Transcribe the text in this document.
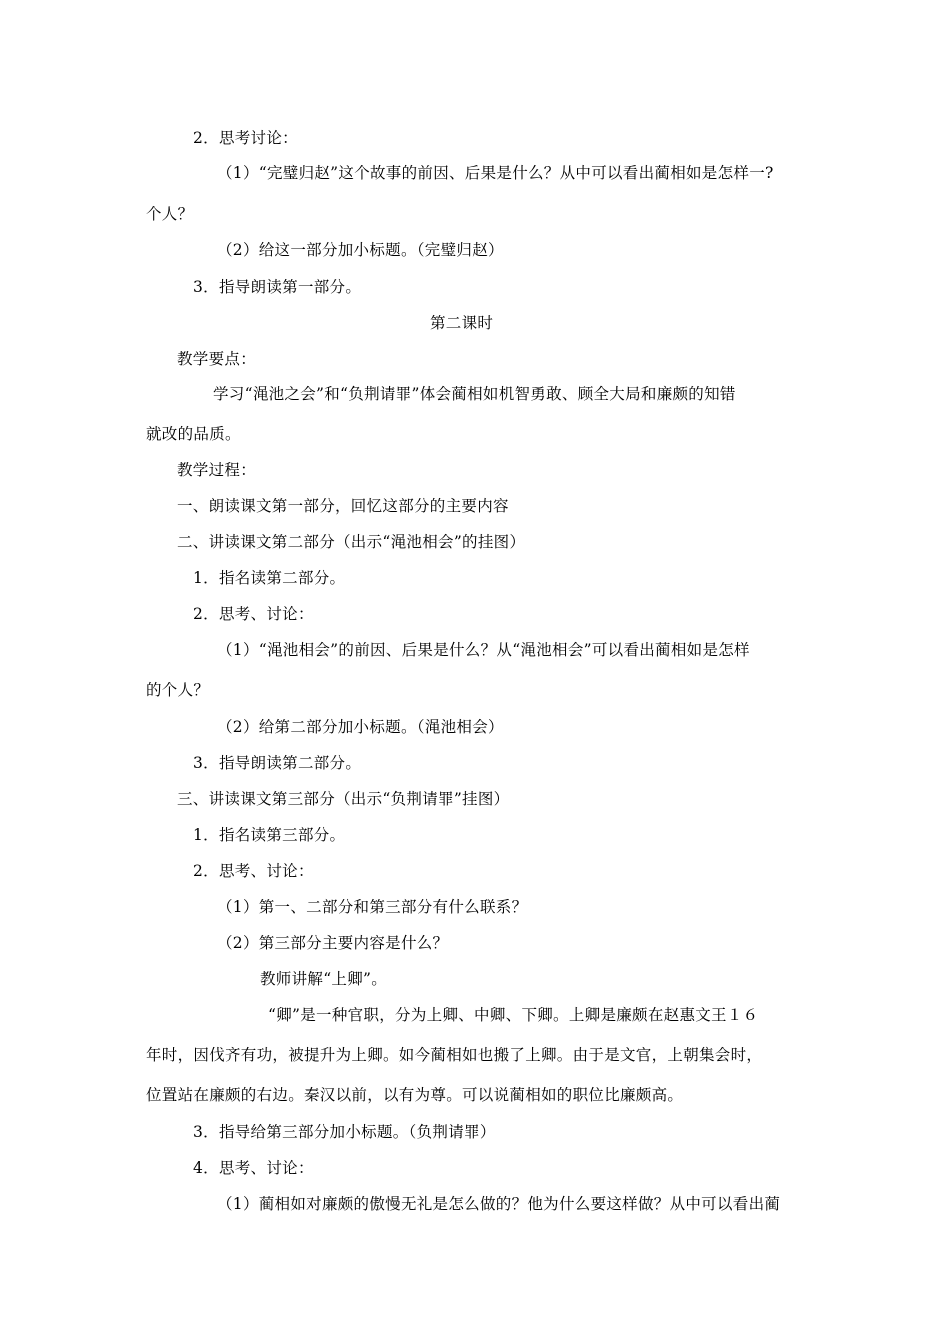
2．思考讨论：
（1）“完璧归赵”这个故事的前因、后果是什么？从中可以看出蔺相如是怎样一?
个人？
（2）给这一部分加小标题。（完璧归赵）
3．指导朗读第一部分。
第二课时
教学要点：
学习“渑池之会”和“负荆请罪”体会蔺相如机智勇敢、顾全大局和廉颇的知错
就改的品质。
教学过程：
一、朗读课文第一部分，回忆这部分的主要内容
二、讲读课文第二部分（出示“渑池相会”的挂图）
1．指名读第二部分。
2．思考、讨论：
（1）“渑池相会”的前因、后果是什么？从“渑池相会”可以看出蔺相如是怎样
的个人？
（2）给第二部分加小标题。（渑池相会）
3．指导朗读第二部分。
三、讲读课文第三部分（出示“负荆请罪”挂图）
1．指名读第三部分。
2．思考、讨论：
（1）第一、二部分和第三部分有什么联系？
（2）第三部分主要内容是什么？
教师讲解“上卿”。
“卿”是一种官职，分为上卿、中卿、下卿。上卿是廉颇在赵惠文王１６
年时，因伐齐有功，被提升为上卿。如今蔺相如也搬了上卿。由于是文官，上朝集会时，
位置站在廉颇的右边。秦汉以前，以有为尊。可以说蔺相如的职位比廉颇高。
3．指导给第三部分加小标题。（负荆请罪）
4．思考、讨论：
（1）蔺相如对廉颇的傲慢无礼是怎么做的？他为什么要这样做？从中可以看出蔺
